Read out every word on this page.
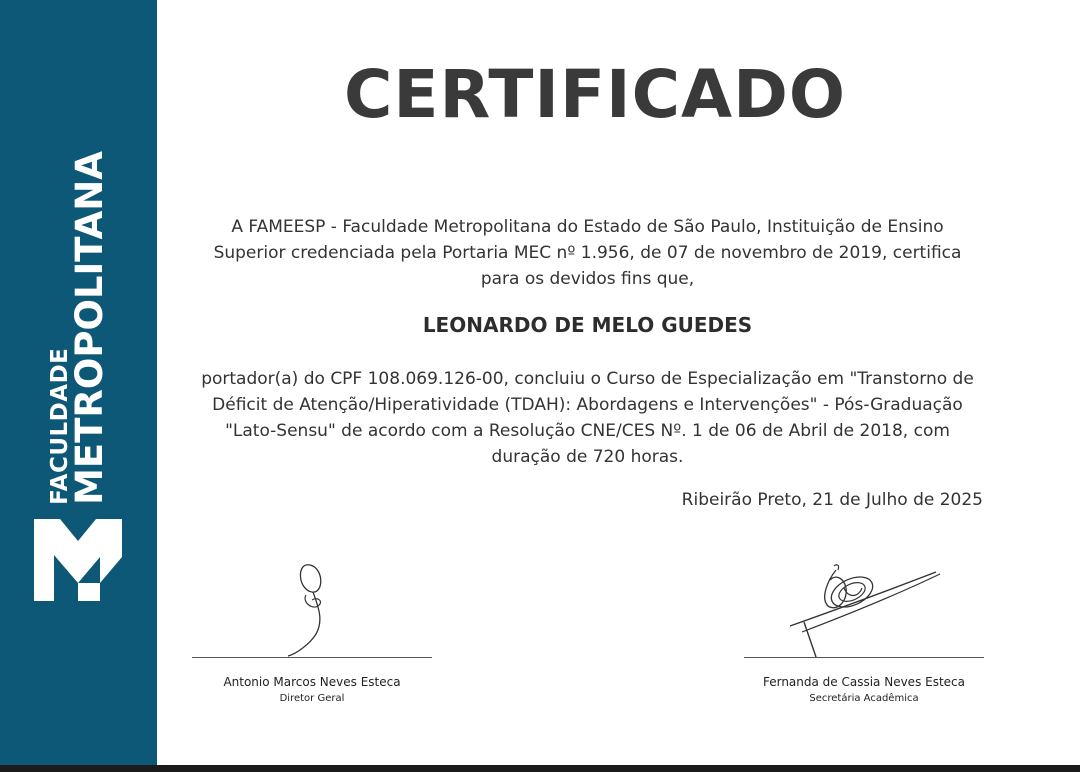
FACULDADE
METROPOLITANA
CERTIFICADO
A FAMEESP - Faculdade Metropolitana do Estado de São Paulo, Instituição de Ensino
Superior credenciada pela Portaria MEC nº 1.956, de 07 de novembro de 2019, certifica
para os devidos fins que,
LEONARDO DE MELO GUEDES
portador(a) do CPF 108.069.126-00, concluiu o Curso de Especialização em "Transtorno de
Déficit de Atenção/Hiperatividade (TDAH): Abordagens e Intervenções" - Pós-Graduação
"Lato-Sensu" de acordo com a Resolução CNE/CES Nº. 1 de 06 de Abril de 2018, com
duração de 720 horas.
Ribeirão Preto, 21 de Julho de 2025
Antonio Marcos Neves Esteca
Diretor Geral
Fernanda de Cassia Neves Esteca
Secretária Acadêmica
